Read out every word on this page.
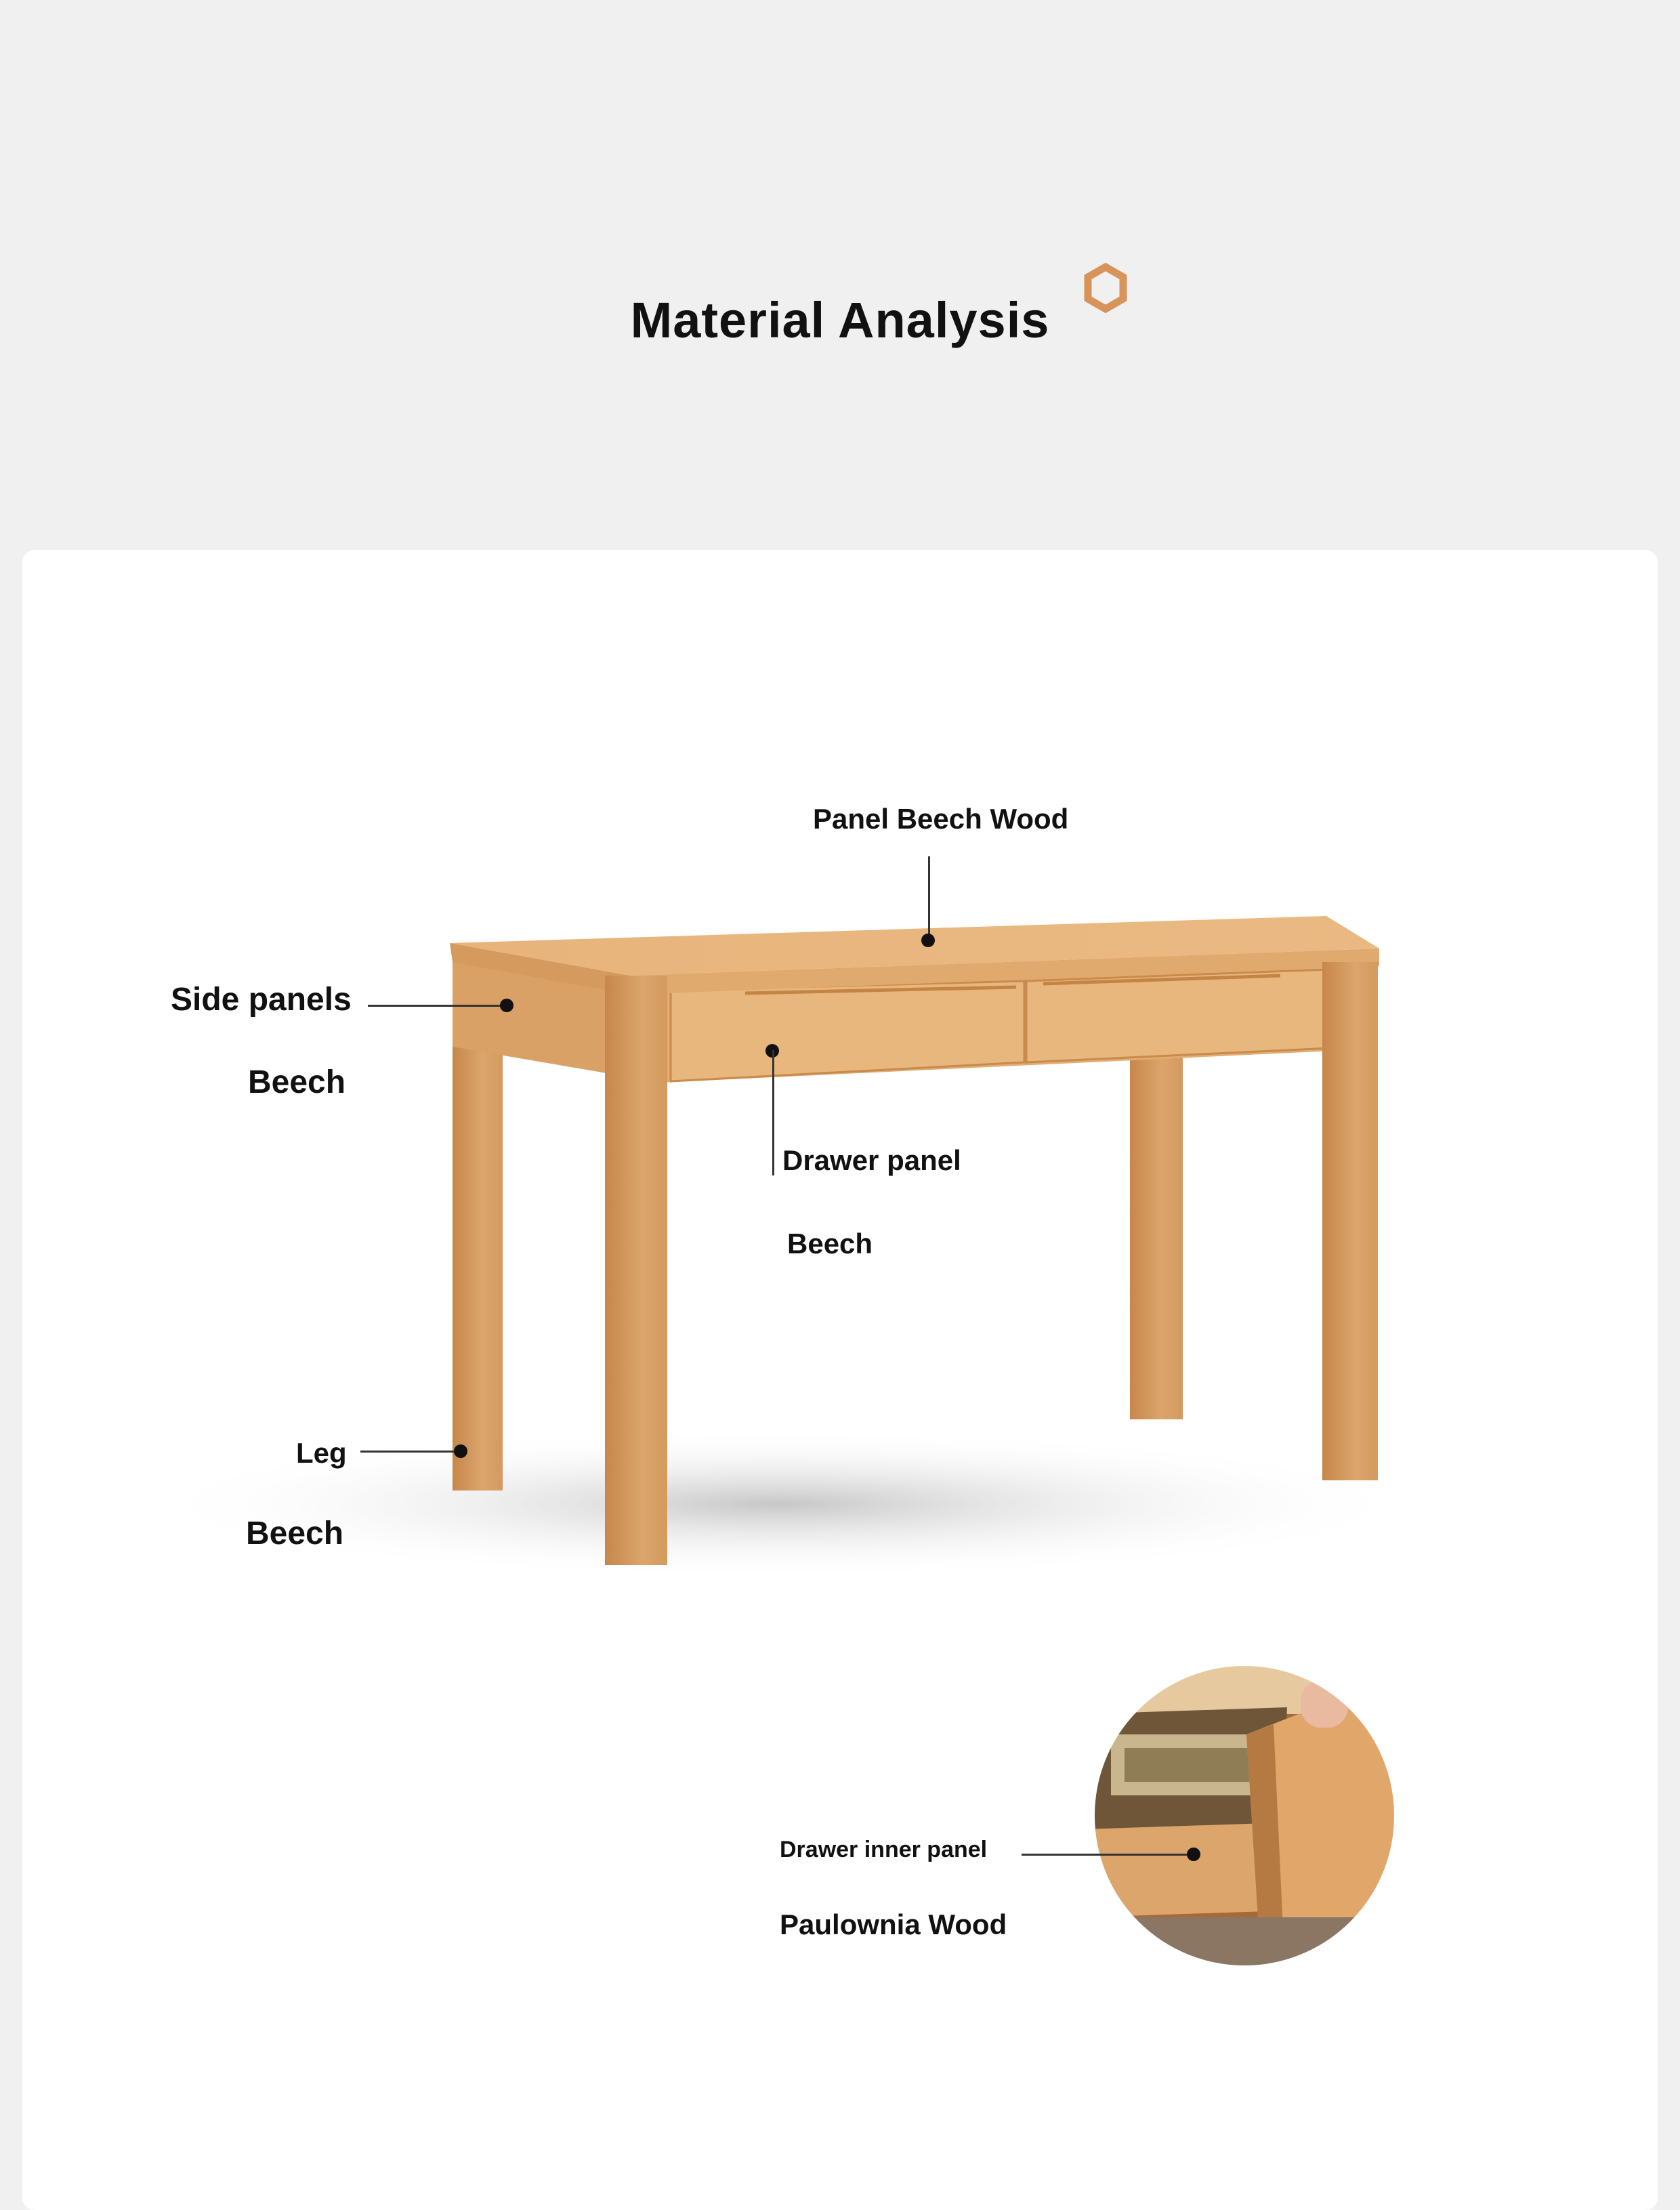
Material Analysis
Panel Beech Wood
Side panels
Beech
Drawer panel
Beech
Leg
Beech
Drawer inner panel
Paulownia Wood
